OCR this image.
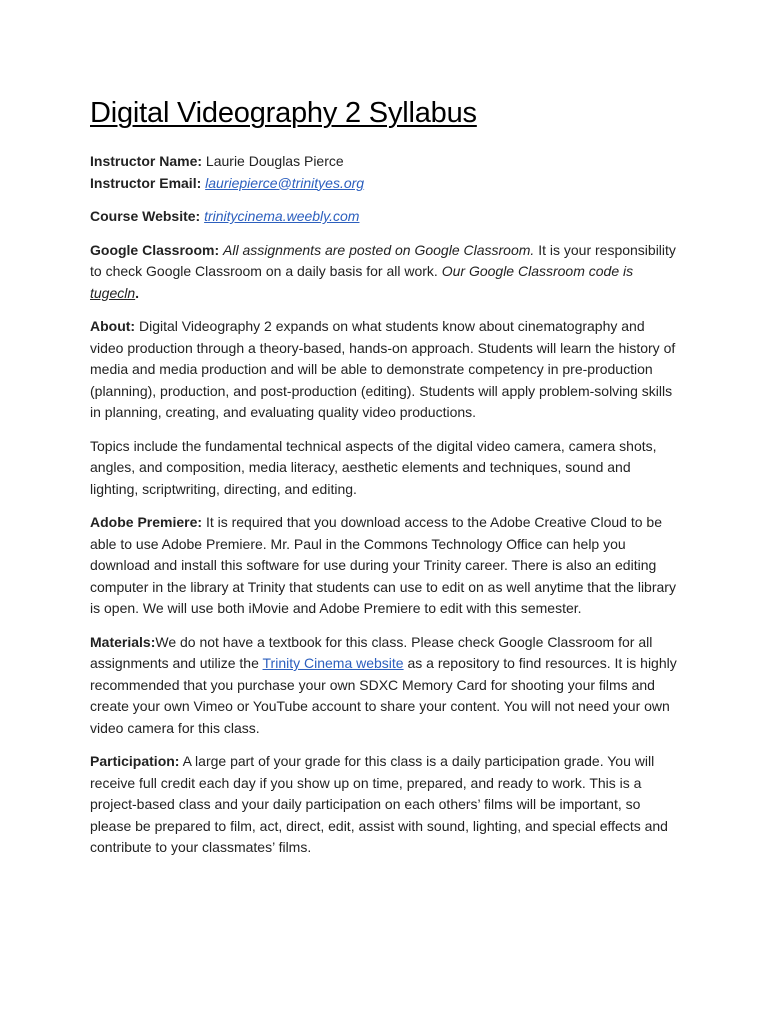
Digital Videography 2 Syllabus

Instructor Name: Laurie Douglas Pierce

Instructor Email: lauriepierce@trinityes.org

Course Website: trinitycinema.weebly.com

Google Classroom: All assignments are posted on Google Classroom. It is your responsibility to check Google Classroom on a daily basis for all work. Our Google Classroom code is tugecln.

About: Digital Videography 2 expands on what students know about cinematography and video production through a theory-based, hands-on approach. Students will learn the history of media and media production and will be able to demonstrate competency in pre-production (planning), production, and post-production (editing). Students will apply problem-solving skills in planning, creating, and evaluating quality video productions.

Topics include the fundamental technical aspects of the digital video camera, camera shots, angles, and composition, media literacy, aesthetic elements and techniques, sound and lighting, scriptwriting, directing, and editing.

Adobe Premiere: It is required that you download access to the Adobe Creative Cloud to be able to use Adobe Premiere. Mr. Paul in the Commons Technology Office can help you download and install this software for use during your Trinity career. There is also an editing computer in the library at Trinity that students can use to edit on as well anytime that the library is open. We will use both iMovie and Adobe Premiere to edit with this semester.

Materials:We do not have a textbook for this class. Please check Google Classroom for all assignments and utilize the Trinity Cinema website as a repository to find resources. It is highly recommended that you purchase your own SDXC Memory Card for shooting your films and create your own Vimeo or YouTube account to share your content. You will not need your own video camera for this class.

Participation: A large part of your grade for this class is a daily participation grade. You will receive full credit each day if you show up on time, prepared, and ready to work. This is a project-based class and your daily participation on each others’ films will be important, so please be prepared to film, act, direct, edit, assist with sound, lighting, and special effects and contribute to your classmates’ films.
